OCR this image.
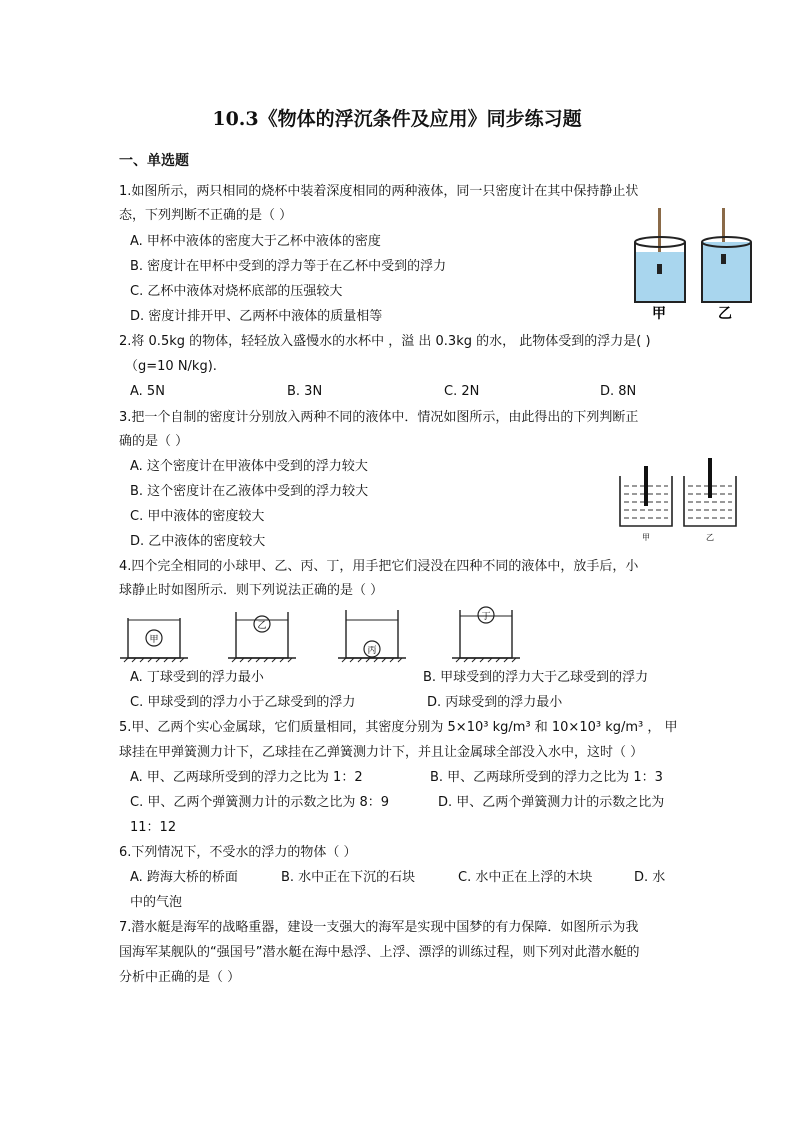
10.3《物体的浮沉条件及应用》同步练习题
一、单选题
1.如图所示，两只相同的烧杯中装着深度相同的两种液体，同一只密度计在其中保持静止状
态，下列判断不正确的是（ ）
A. 甲杯中液体的密度大于乙杯中液体的密度
B. 密度计在甲杯中受到的浮力等于在乙杯中受到的浮力
C. 乙杯中液体对烧杯底部的压强较大
D. 密度计排开甲、乙两杯中液体的质量相等	甲	乙
2.将 0.5kg 的物体，轻轻放入盛慢水的水杯中 ，溢 出 0.3kg 的水， 此物体受到的浮力是( )
（g=10 N/kg).
A. 5N	B. 3N	C. 2N	D. 8N
3.把一个自制的密度计分别放入两种不同的液体中．情况如图所示，由此得出的下列判断正
确的是（ ）
A. 这个密度计在甲液体中受到的浮力较大
B. 这个密度计在乙液体中受到的浮力较大
C. 甲中液体的密度较大
D. 乙中液体的密度较大	甲	乙
4.四个完全相同的小球甲、乙、丙、丁，用手把它们浸没在四种不同的液体中，放手后，小
球静止时如图所示．则下列说法正确的是（ ）
甲
乙
丙
丁
A. 丁球受到的浮力最小	B. 甲球受到的浮力大于乙球受到的浮力
C. 甲球受到的浮力小于乙球受到的浮力	D. 丙球受到的浮力最小
5.甲、乙两个实心金属球，它们质量相同，其密度分别为 5×10³ kg/m³ 和 10×10³ kg/m³ ， 甲
球挂在甲弹簧测力计下，乙球挂在乙弹簧测力计下，并且让金属球全部没入水中，这时（ ）
A. 甲、乙两球所受到的浮力之比为 1：2	B. 甲、乙两球所受到的浮力之比为 1：3
C. 甲、乙两个弹簧测力计的示数之比为 8：9	D. 甲、乙两个弹簧测力计的示数之比为
11：12
6.下列情况下，不受水的浮力的物体（ ）
A. 跨海大桥的桥面	B. 水中正在下沉的石块	C. 水中正在上浮的木块	D. 水
中的气泡
7.潜水艇是海军的战略重器，建设一支强大的海军是实现中国梦的有力保障．如图所示为我
国海军某舰队的“强国号”潜水艇在海中悬浮、上浮、漂浮的训练过程，则下列对此潜水艇的
分析中正确的是（ ）
